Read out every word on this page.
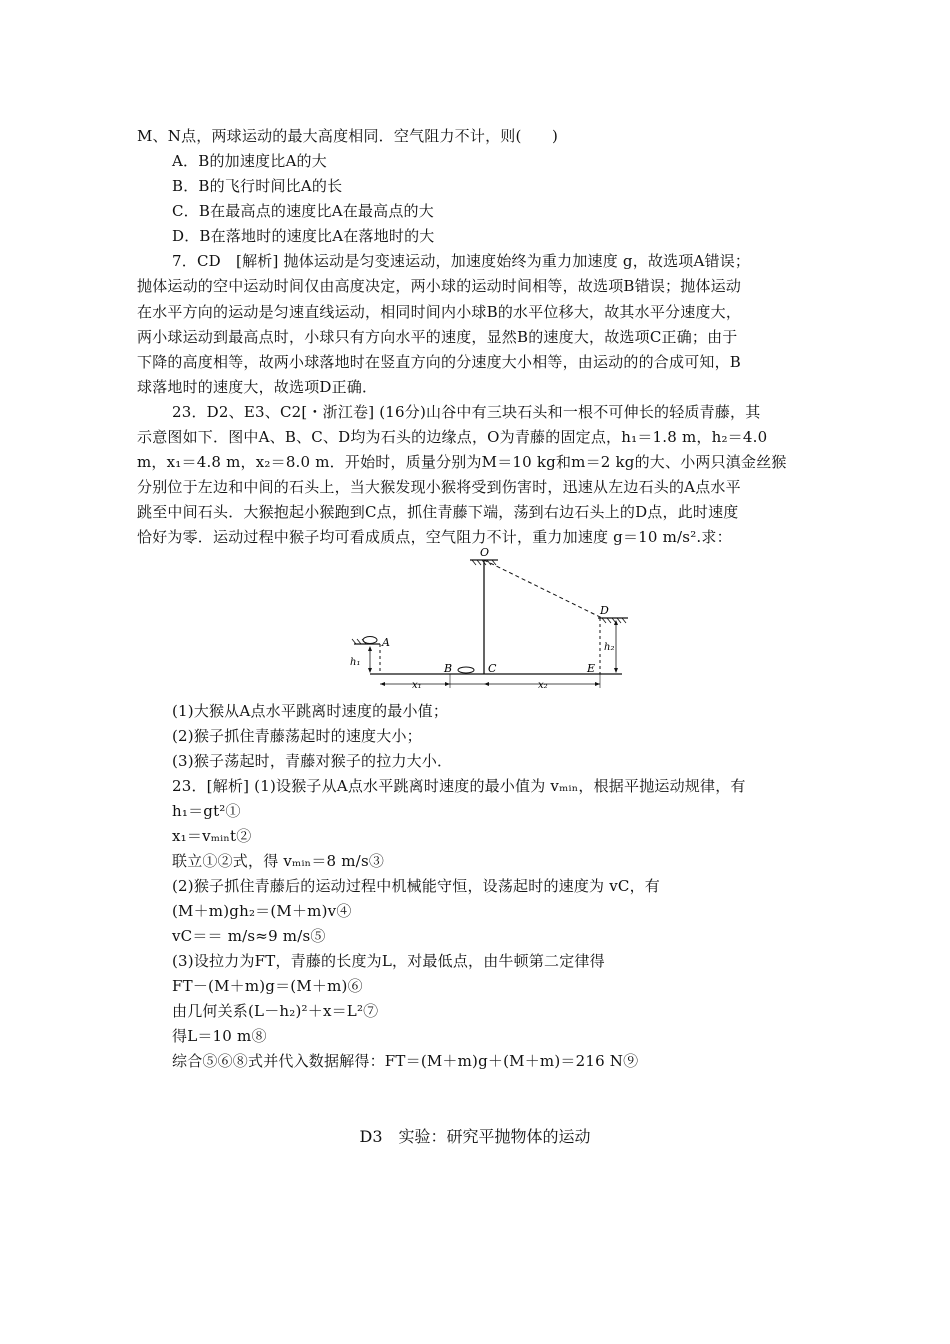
M、N点，两球运动的最大高度相同．空气阻力不计，则(　　)
A．B的加速度比A的大
B．B的飞行时间比A的长
C．B在最高点的速度比A在最高点的大
D．B在落地时的速度比A在落地时的大
7．CD　[解析] 抛体运动是匀变速运动，加速度始终为重力加速度 g，故选项A错误；
抛体运动的空中运动时间仅由高度决定，两小球的运动时间相等，故选项B错误；抛体运动
在水平方向的运动是匀速直线运动，相同时间内小球B的水平位移大，故其水平分速度大，
两小球运动到最高点时，小球只有方向水平的速度，显然B的速度大，故选项C正确；由于
下降的高度相等，故两小球落地时在竖直方向的分速度大小相等，由运动的的合成可知，B
球落地时的速度大，故选项D正确．
23．D2、E3、C2[・浙江卷] (16分)山谷中有三块石头和一根不可伸长的轻质青藤，其
示意图如下．图中A、B、C、D均为石头的边缘点，O为青藤的固定点，h₁＝1.8 m，h₂＝4.0
m，x₁＝4.8 m，x₂＝8.0 m．开始时，质量分别为M＝10 kg和m＝2 kg的大、小两只滇金丝猴
分别位于左边和中间的石头上，当大猴发现小猴将受到伤害时，迅速从左边石头的A点水平
跳至中间石头．大猴抱起小猴跑到C点，抓住青藤下端，荡到右边石头上的D点，此时速度
恰好为零．运动过程中猴子均可看成质点，空气阻力不计，重力加速度 g＝10 m/s².求：
O
D
A
h₁	B	C	E
h₂
x₁	x₂
(1)大猴从A点水平跳离时速度的最小值；
(2)猴子抓住青藤荡起时的速度大小；
(3)猴子荡起时，青藤对猴子的拉力大小．
23．[解析] (1)设猴子从A点水平跳离时速度的最小值为 vₘᵢₙ，根据平抛运动规律，有
h₁＝gt²①
x₁＝vₘᵢₙt②
联立①②式，得 vₘᵢₙ＝8 m/s③
(2)猴子抓住青藤后的运动过程中机械能守恒，设荡起时的速度为 vC，有
(M＋m)gh₂＝(M＋m)v④
vC＝＝ m/s≈9 m/s⑤
(3)设拉力为FT，青藤的长度为L，对最低点，由牛顿第二定律得
FT－(M＋m)g＝(M＋m)⑥
由几何关系(L－h₂)²＋x＝L²⑦
得L＝10 m⑧
综合⑤⑥⑧式并代入数据解得：FT＝(M＋m)g＋(M＋m)＝216 N⑨
D3　实验：研究平抛物体的运动
